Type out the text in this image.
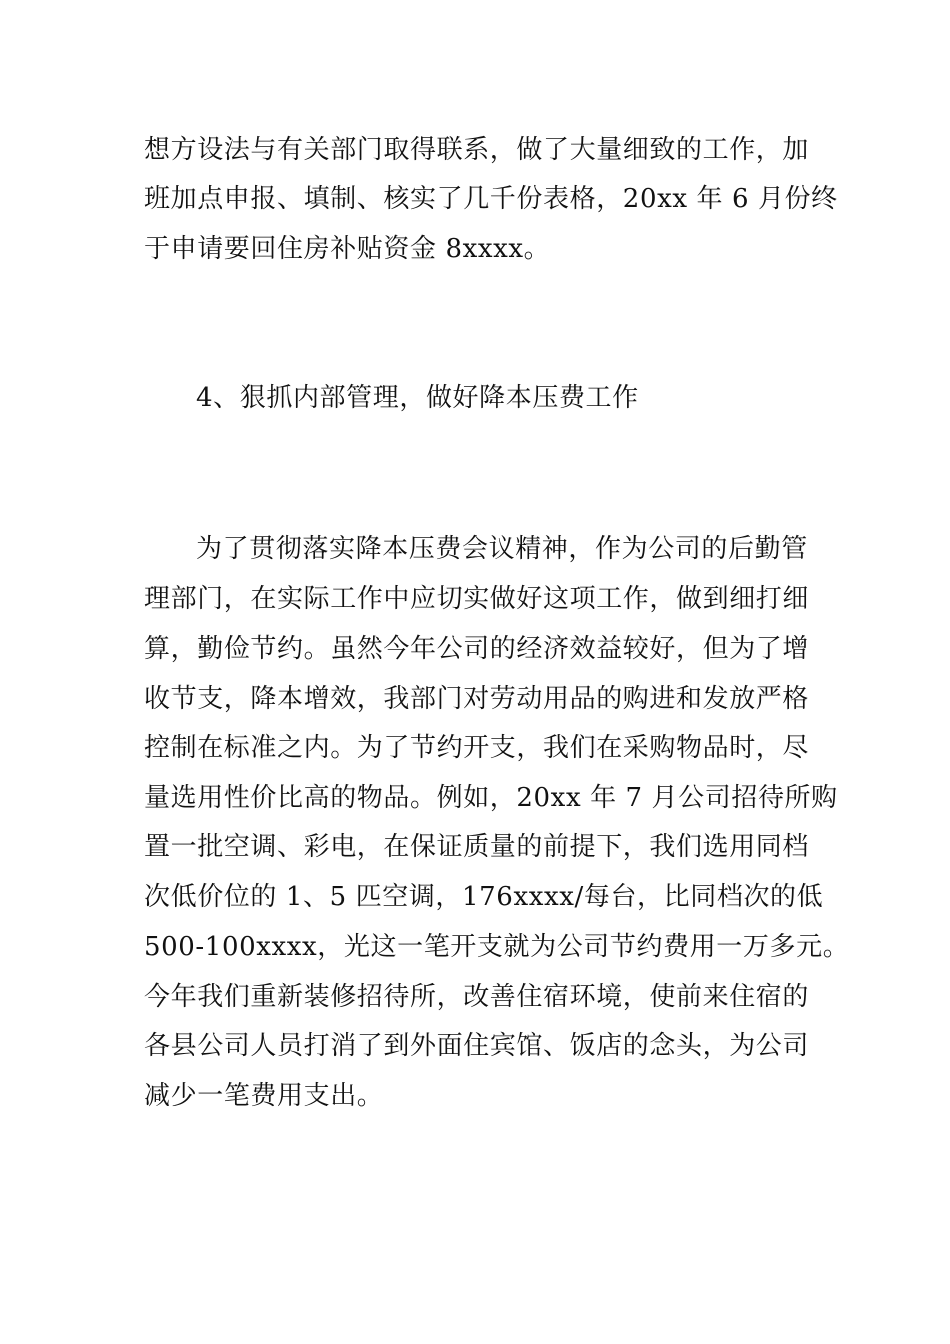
想方设法与有关部门取得联系，做了大量细致的工作，加
班加点申报、填制、核实了几千份表格，20xx 年 6 月份终
于申请要回住房补贴资金 8xxxx。
4、狠抓内部管理，做好降本压费工作
为了贯彻落实降本压费会议精神，作为公司的后勤管
理部门，在实际工作中应切实做好这项工作，做到细打细
算，勤俭节约。虽然今年公司的经济效益较好，但为了增
收节支，降本增效，我部门对劳动用品的购进和发放严格
控制在标准之内。为了节约开支，我们在采购物品时，尽
量选用性价比高的物品。例如，20xx 年 7 月公司招待所购
置一批空调、彩电，在保证质量的前提下，我们选用同档
次低价位的 1、5 匹空调，176xxxx/每台，比同档次的低
500-100xxxx，光这一笔开支就为公司节约费用一万多元。
今年我们重新装修招待所，改善住宿环境，使前来住宿的
各县公司人员打消了到外面住宾馆、饭店的念头，为公司
减少一笔费用支出。
